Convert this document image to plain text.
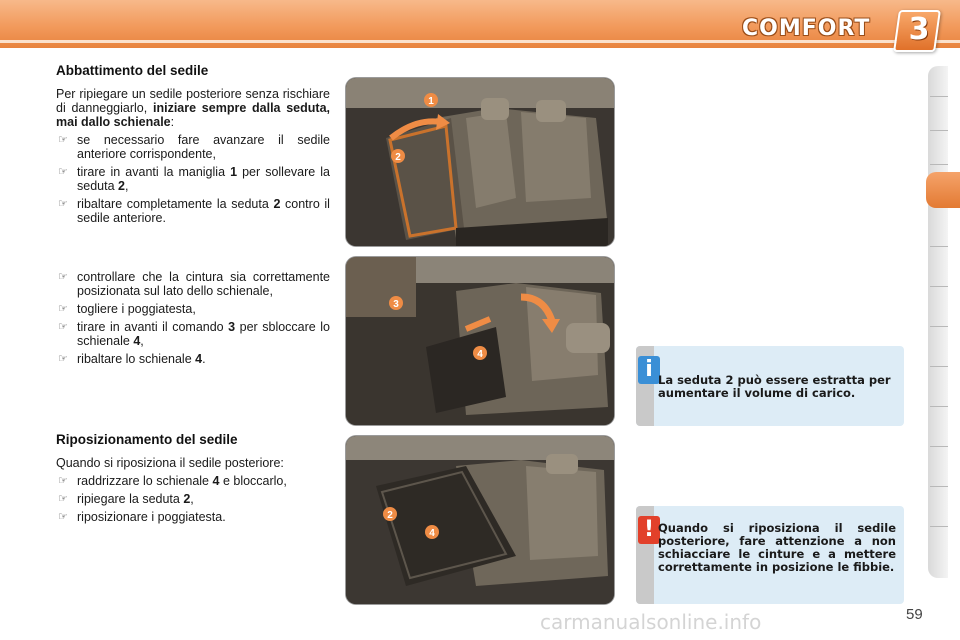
COMFORT 3
Abbattimento del sedile
Per ripiegare un sedile posteriore senza rischiare di danneggiarlo, iniziare sempre dalla seduta, mai dallo schienale:
☞ se necessario fare avanzare il sedile anteriore corrispondente,
☞ tirare in avanti la maniglia 1 per sollevare la seduta 2,
☞ ribaltare completamente la seduta 2 contro il sedile anteriore.
☞ controllare che la cintura sia correttamente posizionata sul lato dello schienale,
☞ togliere i poggiatesta,
☞ tirare in avanti il comando 3 per sbloccare lo schienale 4,
☞ ribaltare lo schienale 4.
Riposizionamento del sedile
Quando si riposiziona il sedile posteriore:
☞ raddrizzare lo schienale 4 e bloccarlo,
☞ ripiegare la seduta 2,
☞ riposizionare i poggiatesta.
1
2
3
4
2
4
i La seduta 2 può essere estratta per aumentare il volume di carico.
! Quando si riposiziona il sedile posteriore, fare attenzione a non schiacciare le cinture e a mettere correttamente in posizione le fibbie.
carmanualsonline.info	59
